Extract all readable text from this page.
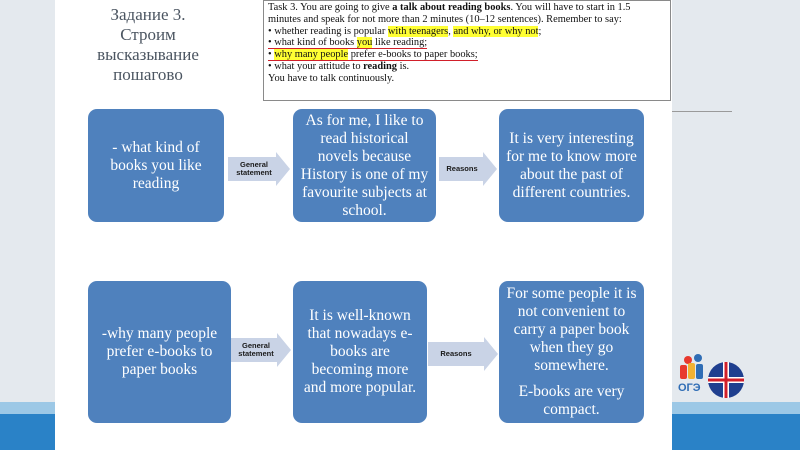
Задание 3.
Строим
высказывание
пошагово
Task 3. You are going to give a talk about reading books. You will have to start in 1.5
minutes and speak for not more than 2 minutes (10–12 sentences). Remember to say:
• whether reading is popular with teenagers, and why, or why not;
• what kind of books you like reading;
• why many people prefer e-books to paper books;
• what your attitude to reading is.
You have to talk continuously.
- what kind of books you like reading
General statement
As for me, I like to read historical novels because History is one of my favourite subjects at school.
Reasons
It is very interesting for me to know more about the past of different countries.
-why many people prefer e-books to paper books
General statement
It is well-known that nowadays e-books are becoming more and more popular.
Reasons
For some people it is not convenient to carry a paper book when they go somewhere.
E-books are very compact.
ОГЭ
